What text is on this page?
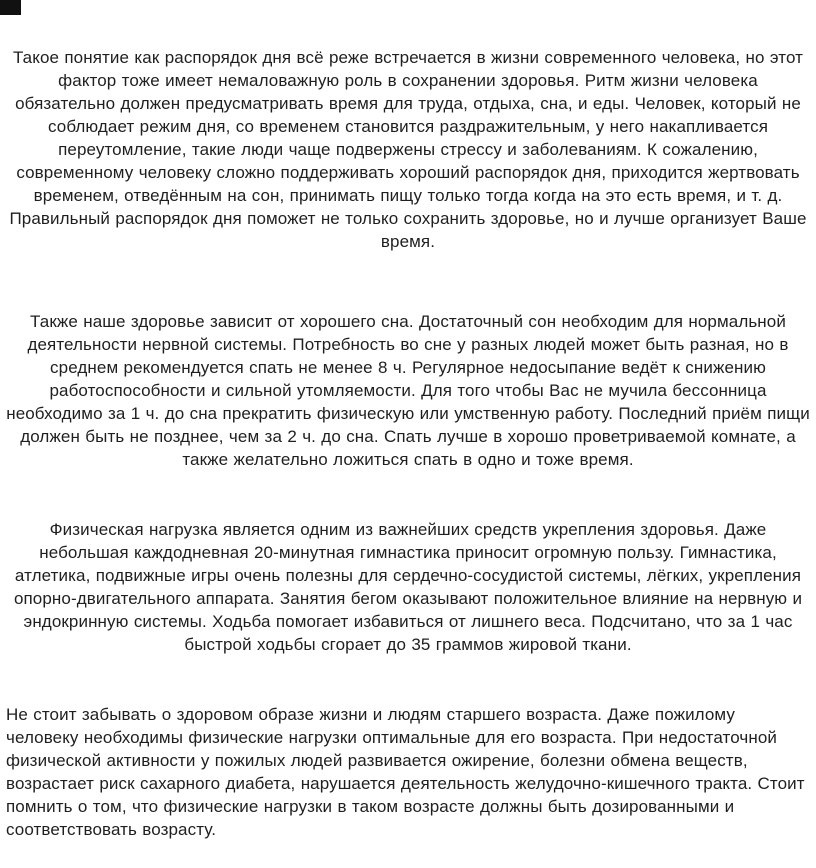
Такое понятие как распорядок дня всё реже встречается в жизни современного человека, но этот фактор тоже имеет немаловажную роль в сохранении здоровья. Ритм жизни человека обязательно должен предусматривать время для труда, отдыха, сна, и еды. Человек, который не соблюдает режим дня, со временем становится раздражительным, у него накапливается переутомление, такие люди чаще подвержены стрессу и заболеваниям. К сожалению, современному человеку сложно поддерживать хороший распорядок дня, приходится жертвовать временем, отведённым на сон, принимать пищу только тогда когда на это есть время, и т. д. Правильный распорядок дня поможет не только сохранить здоровье, но и лучше организует Ваше время.

Также наше здоровье зависит от хорошего сна. Достаточный сон необходим для нормальной деятельности нервной системы. Потребность во сне у разных людей может быть разная, но в среднем рекомендуется спать не менее 8 ч. Регулярное недосыпание ведёт к снижению работоспособности и сильной утомляемости. Для того чтобы Вас не мучила бессонница необходимо за 1 ч. до сна прекратить физическую или умственную работу. Последний приём пищи должен быть не позднее, чем за 2 ч. до сна. Спать лучше в хорошо проветриваемой комнате, а также желательно ложиться спать в одно и тоже время.

Физическая нагрузка является одним из важнейших средств укрепления здоровья. Даже небольшая каждодневная 20-минутная гимнастика приносит огромную пользу. Гимнастика, атлетика, подвижные игры очень полезны для сердечно-сосудистой системы, лёгких, укрепления опорно-двигательного аппарата. Занятия бегом оказывают положительное влияние на нервную и эндокринную системы. Ходьба помогает избавиться от лишнего веса. Подсчитано, что за 1 час быстрой ходьбы сгорает до 35 граммов жировой ткани.

Не стоит забывать о здоровом образе жизни и людям старшего возраста. Даже пожилому человеку необходимы физические нагрузки оптимальные для его возраста. При недостаточной физической активности у пожилых людей развивается ожирение, болезни обмена веществ, возрастает риск сахарного диабета, нарушается деятельность желудочно-кишечного тракта. Стоит помнить о том, что физические нагрузки в таком возрасте должны быть дозированными и соответствовать возрасту.
